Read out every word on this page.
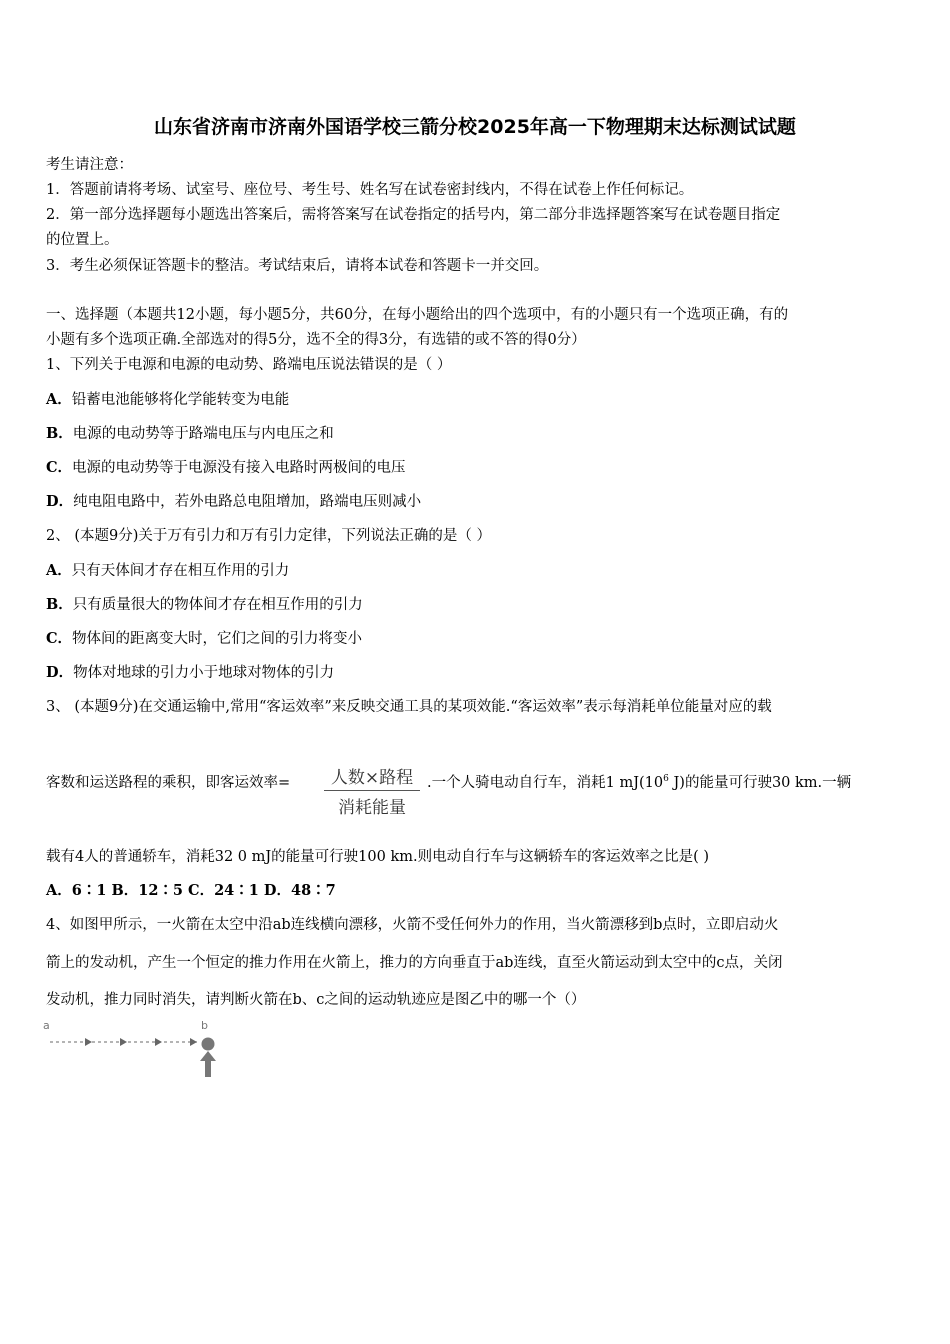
山东省济南市济南外国语学校三箭分校2025年高一下物理期末达标测试试题
考生请注意：
1．答题前请将考场、试室号、座位号、考生号、姓名写在试卷密封线内，不得在试卷上作任何标记。
2．第一部分选择题每小题选出答案后，需将答案写在试卷指定的括号内，第二部分非选择题答案写在试卷题目指定
的位置上。
3．考生必须保证答题卡的整洁。考试结束后，请将本试卷和答题卡一并交回。
一、选择题（本题共12小题，每小题5分，共60分，在每小题给出的四个选项中，有的小题只有一个选项正确，有的
小题有多个选项正确.全部选对的得5分，选不全的得3分，有选错的或不答的得0分）
1、下列关于电源和电源的电动势、路端电压说法错误的是（ ）
A．铅蓄电池能够将化学能转变为电能
B．电源的电动势等于路端电压与内电压之和
C．电源的电动势等于电源没有接入电路时两极间的电压
D．纯电阻电路中，若外电路总电阻增加，路端电压则减小
2、 (本题9分)关于万有引力和万有引力定律，下列说法正确的是（ ）
A．只有天体间才存在相互作用的引力
B．只有质量很大的物体间才存在相互作用的引力
C．物体间的距离变大时，它们之间的引力将变小
D．物体对地球的引力小于地球对物体的引力
3、 (本题9分)在交通运输中,常用“客运效率”来反映交通工具的某项效能.“客运效率”表示每消耗单位能量对应的载
客数和运送路程的乘积，即客运效率=	人数×路程
消耗能量
.一个人骑电动自行车，消耗1 $mJ(10^6$ J)的能量可行驶30 km.一辆
载有4人的普通轿车，消耗32 0 mJ的能量可行驶100 km.则电动自行车与这辆轿车的客运效率之比是( )
A．6∶1 B．12∶5 C．24∶1 D．48∶7
4、如图甲所示，一火箭在太空中沿ab连线横向漂移，火箭不受任何外力的作用，当火箭漂移到b点时，立即启动火
箭上的发动机，产生一个恒定的推力作用在火箭上，推力的方向垂直于ab连线，直至火箭运动到太空中的c点，关闭
发动机，推力同时消失，请判断火箭在b、c之间的运动轨迹应是图乙中的哪一个（）
a	b
